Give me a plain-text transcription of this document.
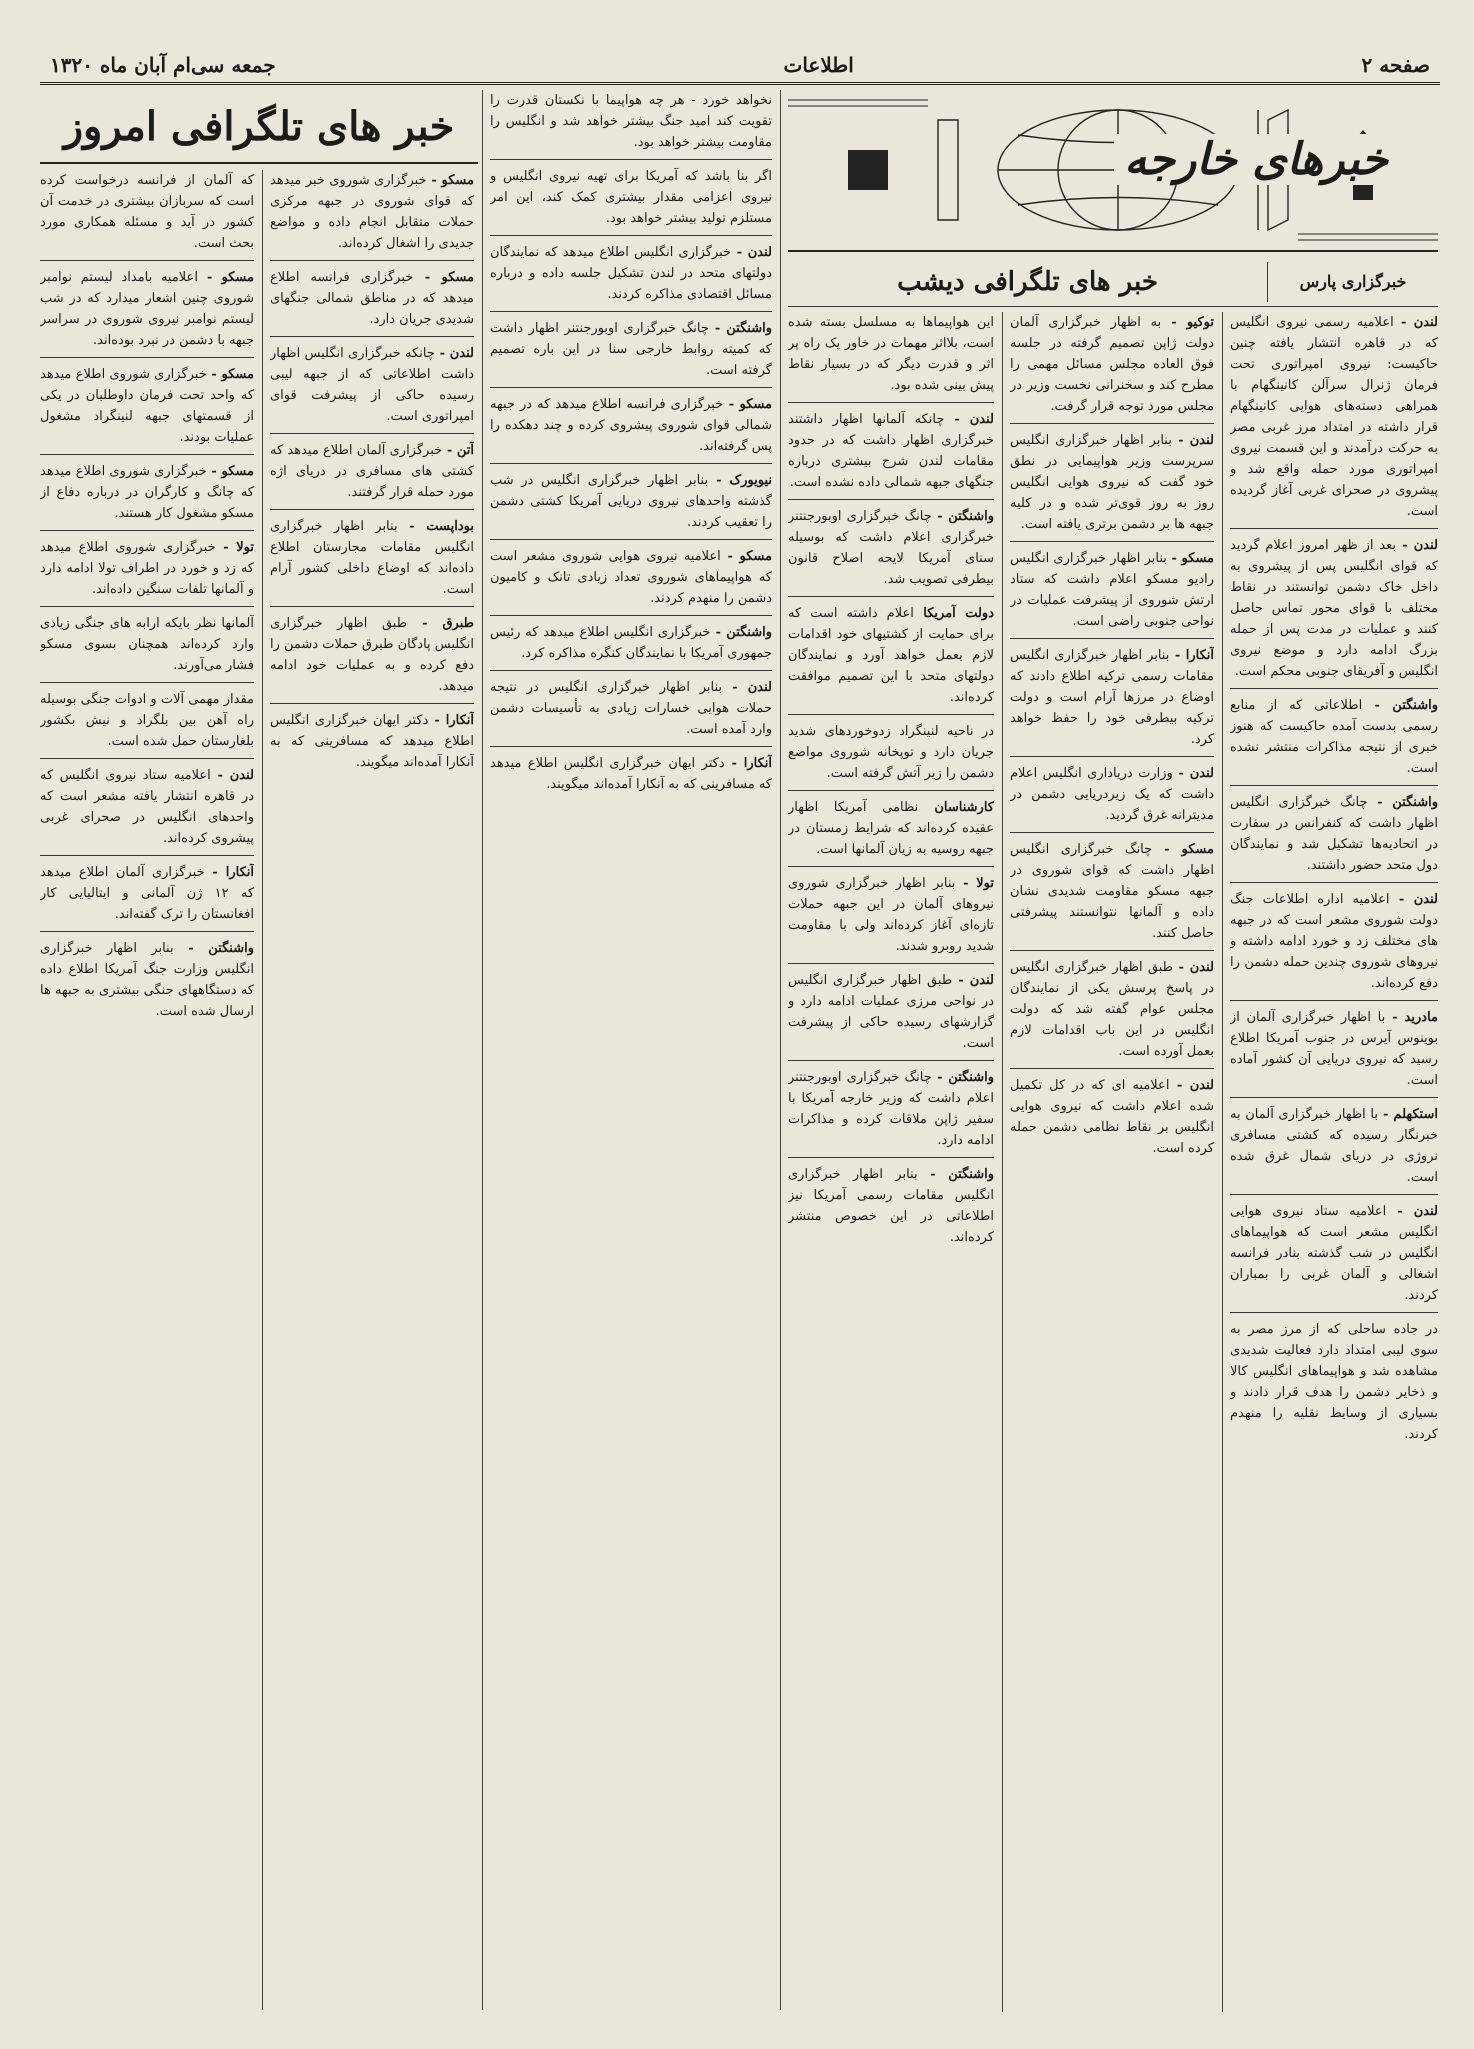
صفحه ۲
اطلاعات
جمعه سی‌ام آبان ماه ۱۳۲۰
خبرهای خارجه
خبرگزاری پارس
خبر های تلگرافی دیشب
خبر های تلگرافی امروز

لندن - اعلامیه رسمی نیروی انگلیس که در قاهره انتشار یافته چنین حاکیست: نیروی امپراتوری تحت فرمان ژنرال سرآلن کانینگهام با همراهی دسته‌های هوایی کانینگهام قرار داشته در امتداد مرز غربی مصر به حرکت درآمدند و این قسمت نیروی امپراتوری مورد حمله واقع شد و پیشروی در صحرای غربی آغاز گردیده است.

لندن - بعد از ظهر امروز اعلام گردید که قوای انگلیس پس از پیشروی به داخل خاک دشمن توانستند در نقاط مختلف با قوای محور تماس حاصل کنند و عملیات در مدت پس از حمله بزرگ ادامه دارد و موضع نیروی انگلیس و آفریقای جنوبی محکم است.

واشنگتن - اطلاعاتی که از منابع رسمی بدست آمده حاکیست که هنوز خبری از نتیجه مذاکرات منتشر نشده است.

واشنگتن - چانگ خبرگزاری انگلیس اظهار داشت که کنفرانس در سفارت در اتحادیه‌ها تشکیل شد و نمایندگان دول متحد حضور داشتند.

لندن - اعلامیه اداره اطلاعات جنگ دولت شوروی مشعر است که در جبهه های مختلف زد و خورد ادامه داشته و نیروهای شوروی چندین حمله دشمن را دفع کرده‌اند.

مادرید - با اظهار خبرگزاری آلمان از بوینوس آیرس در جنوب آمریکا اطلاع رسید که نیروی دریایی آن کشور آماده است.

استکهلم - با اظهار خبرگزاری آلمان به خبرنگار رسیده که کشتی مسافری نروژی در دریای شمال غرق شده است.

لندن - اعلامیه ستاد نیروی هوایی انگلیس مشعر است که هواپیماهای انگلیس در شب گذشته بنادر فرانسه اشغالی و آلمان غربی را بمباران کردند.

در جاده ساحلی که از مرز مصر به سوی لیبی امتداد دارد فعالیت شدیدی مشاهده شد و هواپیماهای انگلیس کالا و ذخایر دشمن را هدف قرار دادند و بسیاری از وسایط نقلیه را منهدم کردند.

توکیو - به اظهار خبرگزاری آلمان دولت ژاپن تصمیم گرفته در جلسه فوق العاده مجلس مسائل مهمی را مطرح کند و سخنرانی نخست وزیر در مجلس مورد توجه قرار گرفت.

لندن - بنابر اظهار خبرگزاری انگلیس سرپرست وزیر هواپیمایی در نطق خود گفت که نیروی هوایی انگلیس روز به روز قوی‌تر شده و در کلیه جبهه ها بر دشمن برتری یافته است.

مسکو - بنابر اظهار خبرگزاری انگلیس رادیو مسکو اعلام داشت که ستاد ارتش شوروی از پیشرفت عملیات در نواحی جنوبی راضی است.

آنکارا - بنابر اظهار خبرگزاری انگلیس مقامات رسمی ترکیه اطلاع دادند که اوضاع در مرزها آرام است و دولت ترکیه بیطرفی خود را حفظ خواهد کرد.

لندن - وزارت دریاداری انگلیس اعلام داشت که یک زیردریایی دشمن در مدیترانه غرق گردید.

مسکو - چانگ خبرگزاری انگلیس اظهار داشت که قوای شوروی در جبهه مسکو مقاومت شدیدی نشان داده و آلمانها نتوانستند پیشرفتی حاصل کنند.

لندن - طبق اظهار خبرگزاری انگلیس در پاسخ پرسش یکی از نمایندگان مجلس عوام گفته شد که دولت انگلیس در این باب اقدامات لازم بعمل آورده است.

لندن - اعلامیه ای که در کل تکمیل شده اعلام داشت که نیروی هوایی انگلیس بر نقاط نظامی دشمن حمله کرده است.

این هواپیماها به مسلسل بسته شده است، بلااثر مهمات در خاور یک راه پر اثر و قدرت دیگر که در بسیار نقاط پیش بینی شده بود.

لندن - چانکه آلمانها اظهار داشتند خبرگزاری اظهار داشت که در حدود مقامات لندن شرح بیشتری درباره جنگهای جبهه شمالی داده نشده است.

واشنگتن - چانگ خبرگزاری اوبورجنتنر خبرگزاری اعلام داشت که بوسیله سنای آمریکا لایحه اصلاح قانون بیطرفی تصویب شد.

دولت آمریکا اعلام داشته است که برای حمایت از کشتیهای خود اقدامات لازم بعمل خواهد آورد و نمایندگان دولتهای متحد با این تصمیم موافقت کرده‌اند.

در ناحیه لنینگراد زدوخوردهای شدید جریان دارد و توپخانه شوروی مواضع دشمن را زیر آتش گرفته است.

کارشناسان نظامی آمریکا اظهار عقیده کرده‌اند که شرایط زمستان در جبهه روسیه به زیان آلمانها است.

تولا - بنابر اظهار خبرگزاری شوروی نیروهای آلمان در این جبهه حملات تازه‌ای آغاز کرده‌اند ولی با مقاومت شدید روبرو شدند.

لندن - طبق اظهار خبرگزاری انگلیس در نواحی مرزی عملیات ادامه دارد و گزارشهای رسیده حاکی از پیشرفت است.

واشنگتن - چانگ خبرگزاری اوبورجنتنر اعلام داشت که وزیر خارجه آمریکا با سفیر ژاپن ملاقات کرده و مذاکرات ادامه دارد.

واشنگتن - بنابر اظهار خبرگزاری انگلیس مقامات رسمی آمریکا نیز اطلاعاتی در این خصوص منتشر کرده‌اند.

نخواهد خورد - هر چه هواپیما با نکستان قدرت را تقویت کند امید جنگ بیشتر خواهد شد و انگلیس را مقاومت بیشتر خواهد بود.

اگر بنا باشد که آمریکا برای تهیه نیروی انگلیس و نیروی اعزامی مقدار بیشتری کمک کند، این امر مستلزم تولید بیشتر خواهد بود.

لندن - خبرگزاری انگلیس اطلاع میدهد که نمایندگان دولتهای متحد در لندن تشکیل جلسه داده و درباره مسائل اقتصادی مذاکره کردند.

واشنگتن - چانگ خبرگزاری اوبورجنتنر اظهار داشت که کمیته روابط خارجی سنا در این باره تصمیم گرفته است.

مسکو - خبرگزاری فرانسه اطلاع میدهد که در جبهه شمالی قوای شوروی پیشروی کرده و چند دهکده را پس گرفته‌اند.

نیویورک - بنابر اظهار خبرگزاری انگلیس در شب گذشته واحدهای نیروی دریایی آمریکا کشتی دشمن را تعقیب کردند.

مسکو - اعلامیه نیروی هوایی شوروی مشعر است که هواپیماهای شوروی تعداد زیادی تانک و کامیون دشمن را منهدم کردند.

واشنگتن - خبرگزاری انگلیس اطلاع میدهد که رئیس جمهوری آمریکا با نمایندگان کنگره مذاکره کرد.

لندن - بنابر اظهار خبرگزاری انگلیس در نتیجه حملات هوایی خسارات زیادی به تأسیسات دشمن وارد آمده است.

آنکارا - دکتر ایهان خبرگزاری انگلیس اطلاع میدهد که مسافرینی که به آنکارا آمده‌اند میگویند.

مسکو - خبرگزاری شوروی خبر میدهد که قوای شوروی در جبهه مرکزی حملات متقابل انجام داده و مواضع جدیدی را اشغال کرده‌اند.

مسکو - خبرگزاری فرانسه اطلاع میدهد که در مناطق شمالی جنگهای شدیدی جریان دارد.

لندن - چانکه خبرگزاری انگلیس اظهار داشت اطلاعاتی که از جبهه لیبی رسیده حاکی از پیشرفت قوای امپراتوری است.

آتن - خبرگزاری آلمان اطلاع میدهد که کشتی های مسافری در دریای اژه مورد حمله قرار گرفتند.

بوداپست - بنابر اظهار خبرگزاری انگلیس مقامات مجارستان اطلاع داده‌اند که اوضاع داخلی کشور آرام است.

طبرق - طبق اظهار خبرگزاری انگلیس پادگان طبرق حملات دشمن را دفع کرده و به عملیات خود ادامه میدهد.

آنکارا - دکتر ایهان خبرگزاری انگلیس اطلاع میدهد که مسافرینی که به آنکارا آمده‌اند میگویند.

که آلمان از فرانسه درخواست کرده است که سربازان بیشتری در خدمت آن کشور در آید و مسئله همکاری مورد بحث است.

مسکو - اعلامیه بامداد لیستم نوامبر شوروی چنین اشعار میدارد که در شب لیستم نوامبر نیروی شوروی در سراسر جبهه با دشمن در نبرد بوده‌اند.

مسکو - خبرگزاری شوروی اطلاع میدهد که واحد تحت فرمان داوطلبان در یکی از قسمتهای جبهه لنینگراد مشغول عملیات بودند.

مسکو - خبرگزاری شوروی اطلاع میدهد که چانگ و کارگران در درباره دفاع از مسکو مشغول کار هستند.

تولا - خبرگزاری شوروی اطلاع میدهد که زد و خورد در اطراف تولا ادامه دارد و آلمانها تلفات سنگین داده‌اند.

آلمانها نظر بایکه ارابه های جنگی زیادی وارد کرده‌اند همچنان بسوی مسکو فشار می‌آورند.

مقدار مهمی آلات و ادوات جنگی بوسیله راه آهن بین بلگراد و نیش بکشور بلغارستان حمل شده است.

لندن - اعلامیه ستاد نیروی انگلیس که در قاهره انتشار یافته مشعر است که واحدهای انگلیس در صحرای غربی پیشروی کرده‌اند.

آنکارا - خبرگزاری آلمان اطلاع میدهد که ۱۲ ژن آلمانی و ایتالیایی کار افغانستان را ترک گفته‌اند.

واشنگتن - بنابر اظهار خبرگزاری انگلیس وزارت جنگ آمریکا اطلاع داده که دستگاههای جنگی بیشتری به جبهه ها ارسال شده است.
